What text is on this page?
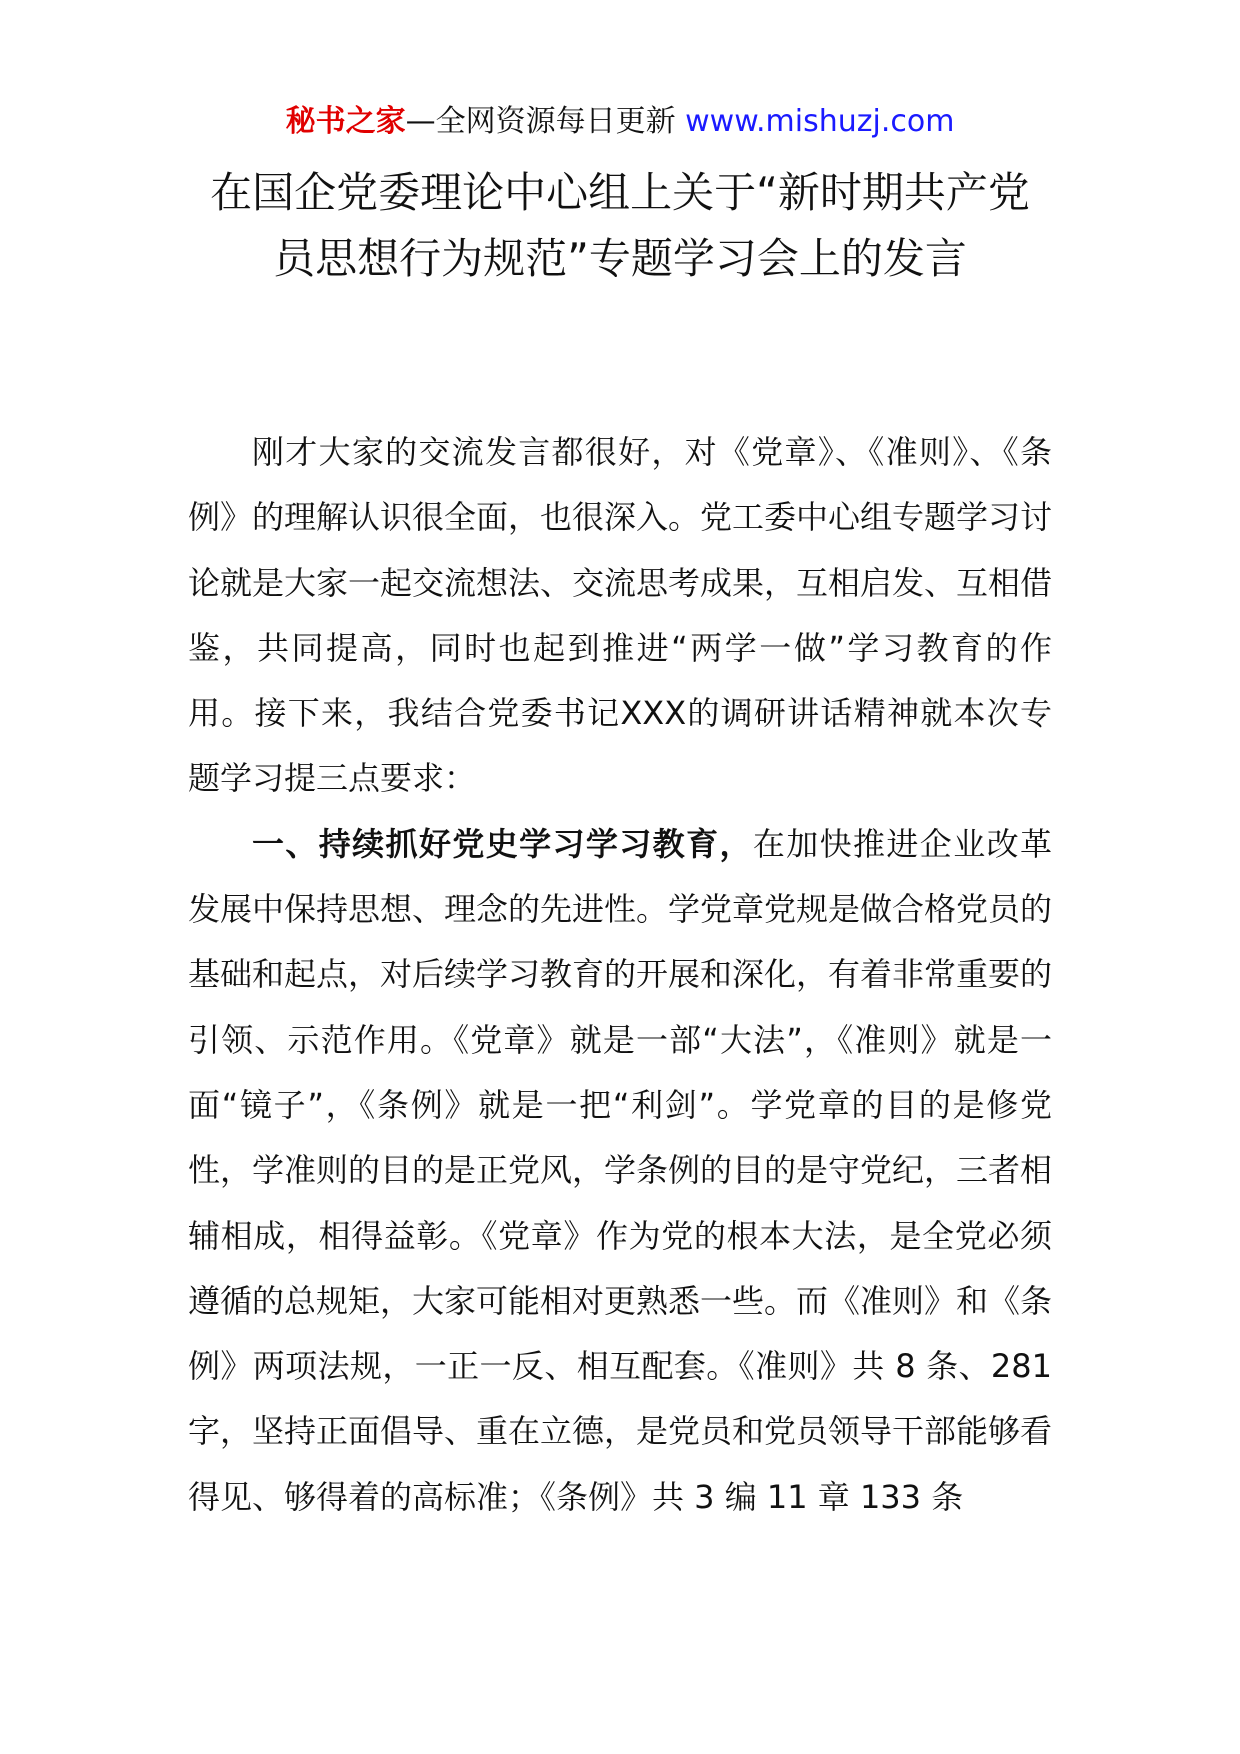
秘书之家—全网资源每日更新 www.mishuzj.com
在国企党委理论中心组上关于“新时期共产党员思想行为规范”专题学习会上的发言

刚才大家的交流发言都很好，对《党章》、《准则》、《条例》的理解认识很全面，也很深入。党工委中心组专题学习讨论就是大家一起交流想法、交流思考成果，互相启发、互相借鉴，共同提高，同时也起到推进“两学一做”学习教育的作用。接下来，我结合党委书记XXX的调研讲话精神就本次专题学习提三点要求：

一、持续抓好党史学习学习教育，在加快推进企业改革发展中保持思想、理念的先进性。学党章党规是做合格党员的基础和起点，对后续学习教育的开展和深化，有着非常重要的引领、示范作用。《党章》就是一部“大法”，《准则》就是一面“镜子”，《条例》就是一把“利剑”。学党章的目的是修党性，学准则的目的是正党风，学条例的目的是守党纪，三者相辅相成，相得益彰。《党章》作为党的根本大法，是全党必须遵循的总规矩，大家可能相对更熟悉一些。而《准则》和《条例》两项法规，一正一反、相互配套。《准则》共 8 条、281 字，坚持正面倡导、重在立德，是党员和党员领导干部能够看得见、够得着的高标准；《条例》共 3 编 11 章 133 条
